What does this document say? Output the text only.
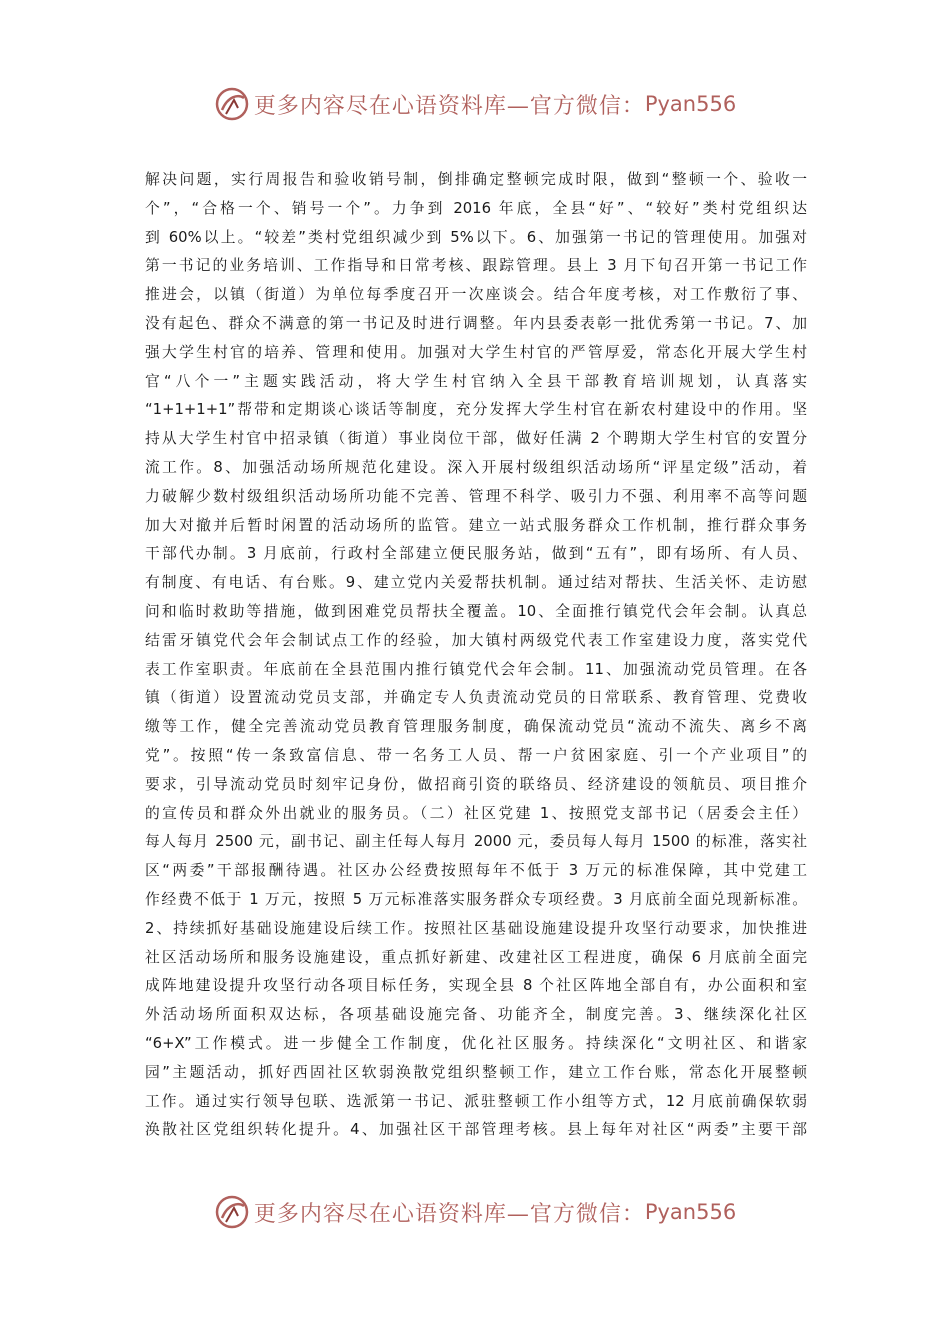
更多内容尽在心语资料库—官方微信： Pyan556
解决问题，实行周报告和验收销号制，倒排确定整顿完成时限，做到“整顿一个、验收一
个”，“合格一个、销号一个”。力争到 2016 年底，全县“好”、“较好”类村党组织达
到 60%以上。“较差”类村党组织减少到 5%以下。6、加强第一书记的管理使用。加强对
第一书记的业务培训、工作指导和日常考核、跟踪管理。县上 3 月下旬召开第一书记工作
推进会，以镇（街道）为单位每季度召开一次座谈会。结合年度考核，对工作敷衍了事、
没有起色、群众不满意的第一书记及时进行调整。年内县委表彰一批优秀第一书记。7、加
强大学生村官的培养、管理和使用。加强对大学生村官的严管厚爱，常态化开展大学生村
官“八个一”主题实践活动，将大学生村官纳入全县干部教育培训规划，认真落实
“1+1+1+1”帮带和定期谈心谈话等制度，充分发挥大学生村官在新农村建设中的作用。坚
持从大学生村官中招录镇（街道）事业岗位干部，做好任满 2 个聘期大学生村官的安置分
流工作。8、加强活动场所规范化建设。深入开展村级组织活动场所“评星定级”活动，着
力破解少数村级组织活动场所功能不完善、管理不科学、吸引力不强、利用率不高等问题
加大对撤并后暂时闲置的活动场所的监管。建立一站式服务群众工作机制，推行群众事务
干部代办制。3 月底前，行政村全部建立便民服务站，做到“五有”，即有场所、有人员、
有制度、有电话、有台账。9、建立党内关爱帮扶机制。通过结对帮扶、生活关怀、走访慰
问和临时救助等措施，做到困难党员帮扶全覆盖。10、全面推行镇党代会年会制。认真总
结雷牙镇党代会年会制试点工作的经验，加大镇村两级党代表工作室建设力度，落实党代
表工作室职责。年底前在全县范围内推行镇党代会年会制。11、加强流动党员管理。在各
镇（街道）设置流动党员支部，并确定专人负责流动党员的日常联系、教育管理、党费收
缴等工作，健全完善流动党员教育管理服务制度，确保流动党员“流动不流失、离乡不离
党”。按照“传一条致富信息、带一名务工人员、帮一户贫困家庭、引一个产业项目”的
要求，引导流动党员时刻牢记身份，做招商引资的联络员、经济建设的领航员、项目推介
的宣传员和群众外出就业的服务员。（二）社区党建 1、按照党支部书记（居委会主任）
每人每月 2500 元，副书记、副主任每人每月 2000 元，委员每人每月 1500 的标准，落实社
区“两委”干部报酬待遇。社区办公经费按照每年不低于 3 万元的标准保障，其中党建工
作经费不低于 1 万元，按照 5 万元标准落实服务群众专项经费。3 月底前全面兑现新标准。
2、持续抓好基础设施建设后续工作。按照社区基础设施建设提升攻坚行动要求，加快推进
社区活动场所和服务设施建设，重点抓好新建、改建社区工程进度，确保 6 月底前全面完
成阵地建设提升攻坚行动各项目标任务，实现全县 8 个社区阵地全部自有，办公面积和室
外活动场所面积双达标，各项基础设施完备、功能齐全，制度完善。3、继续深化社区
“6+X”工作模式。进一步健全工作制度，优化社区服务。持续深化“文明社区、和谐家
园”主题活动，抓好西固社区软弱涣散党组织整顿工作，建立工作台账，常态化开展整顿
工作。通过实行领导包联、选派第一书记、派驻整顿工作小组等方式，12 月底前确保软弱
涣散社区党组织转化提升。4、加强社区干部管理考核。县上每年对社区“两委”主要干部
更多内容尽在心语资料库—官方微信： Pyan556
